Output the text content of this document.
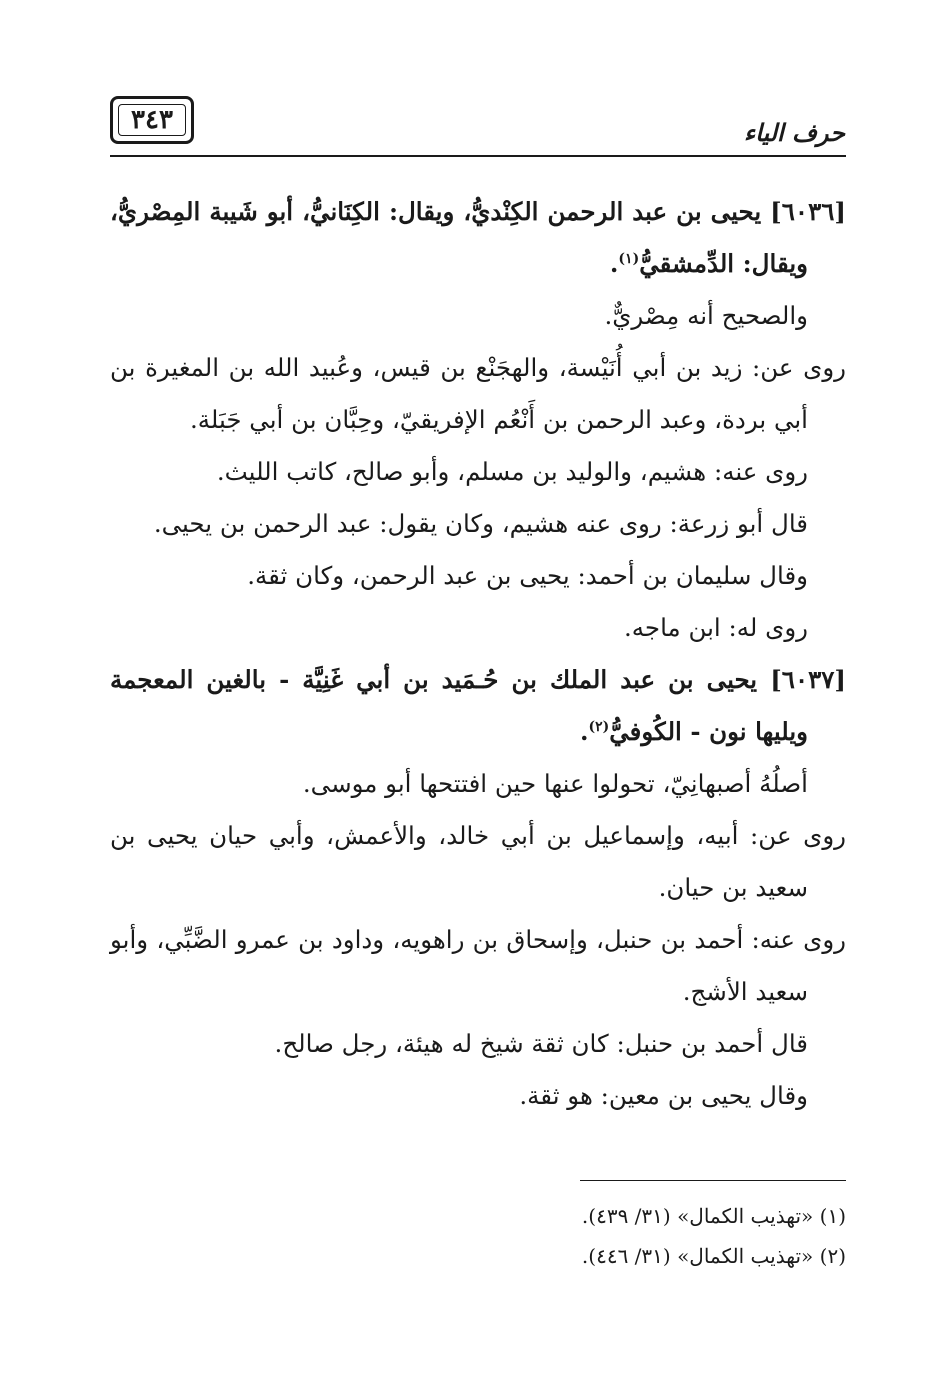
٣٤٣	حرف الياء

[٦٠٣٦] يحيى بن عبد الرحمن الكِنْديُّ، ويقال: الكِنَانيُّ، أبو شَيبة المِصْريُّ، ويقال: الدِّمشقيُّ$^{(١)}$.

والصحيح أنه مِصْريٌّ.

روى عن: زيد بن أبي أُنَيْسة، والهجَنْع بن قيس، وعُبيد الله بن المغيرة بن أبي بردة، وعبد الرحمن بن أَنْعُم الإفريقيّ، وحِبَّان بن أبي جَبَلة.

روى عنه: هشيم، والوليد بن مسلم، وأبو صالح، كاتب الليث.

قال أبو زرعة: روى عنه هشيم، وكان يقول: عبد الرحمن بن يحيى.

وقال سليمان بن أحمد: يحيى بن عبد الرحمن، وكان ثقة.

روى له: ابن ماجه.

[٦٠٣٧] يحيى بن عبد الملك بن حُـمَيد بن أبي غَنِيَّة - بالغين المعجمة ويليها نون - الكُوفيُّ$^{(٢)}$.

أصلُهُ أصبهانِيّ، تحولوا عنها حين افتتحها أبو موسى.

روى عن: أبيه، وإسماعيل بن أبي خالد، والأعمش، وأبي حيان يحيى بن سعيد بن حيان.

روى عنه: أحمد بن حنبل، وإسحاق بن راهويه، وداود بن عمرو الضَّبِّي، وأبو سعيد الأشج.

قال أحمد بن حنبل: كان ثقة شيخ له هيئة، رجل صالح.

وقال يحيى بن معين: هو ثقة.

(١) «تهذيب الكمال» (٣١/ ٤٣٩).

(٢) «تهذيب الكمال» (٣١/ ٤٤٦).
